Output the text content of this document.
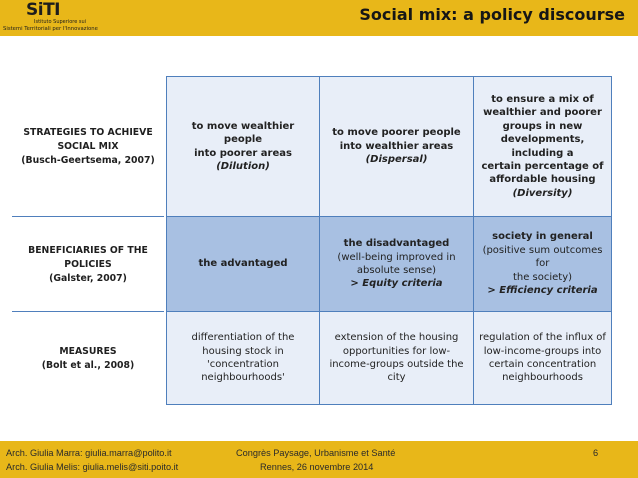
SiTI
Istituto Superiore sui
Sistemi Territoriali per l'Innovazione
Social mix: a policy discourse
STRATEGIES TO ACHIEVE
SOCIAL MIX
(Busch-Geertsema, 2007)
to move wealthier people
into poorer areas
(Dilution)
to move poorer people
into wealthier areas
(Dispersal)
to ensure a mix of
wealthier and poorer
groups in new
developments, including a
certain percentage of
affordable housing
(Diversity)
BENEFICIARIES OF THE
POLICIES
(Galster, 2007)
the advantaged
the disadvantaged
(well-being improved in
absolute sense)
> Equity criteria
society in general
(positive sum outcomes for
the society)
> Efficiency criteria
MEASURES
(Bolt et al., 2008)
differentiation of the
housing stock in
'concentration
neighbourhoods'
extension of the housing
opportunities for low-
income-groups outside the
city
regulation of the influx of
low-income-groups into
certain concentration
neighbourhoods
Arch. Giulia Marra: giulia.marra@polito.it
Arch. Giulia Melis: giulia.melis@siti.poito.it
Congrès Paysage, Urbanisme et Santé
Rennes, 26 novembre 2014
6
